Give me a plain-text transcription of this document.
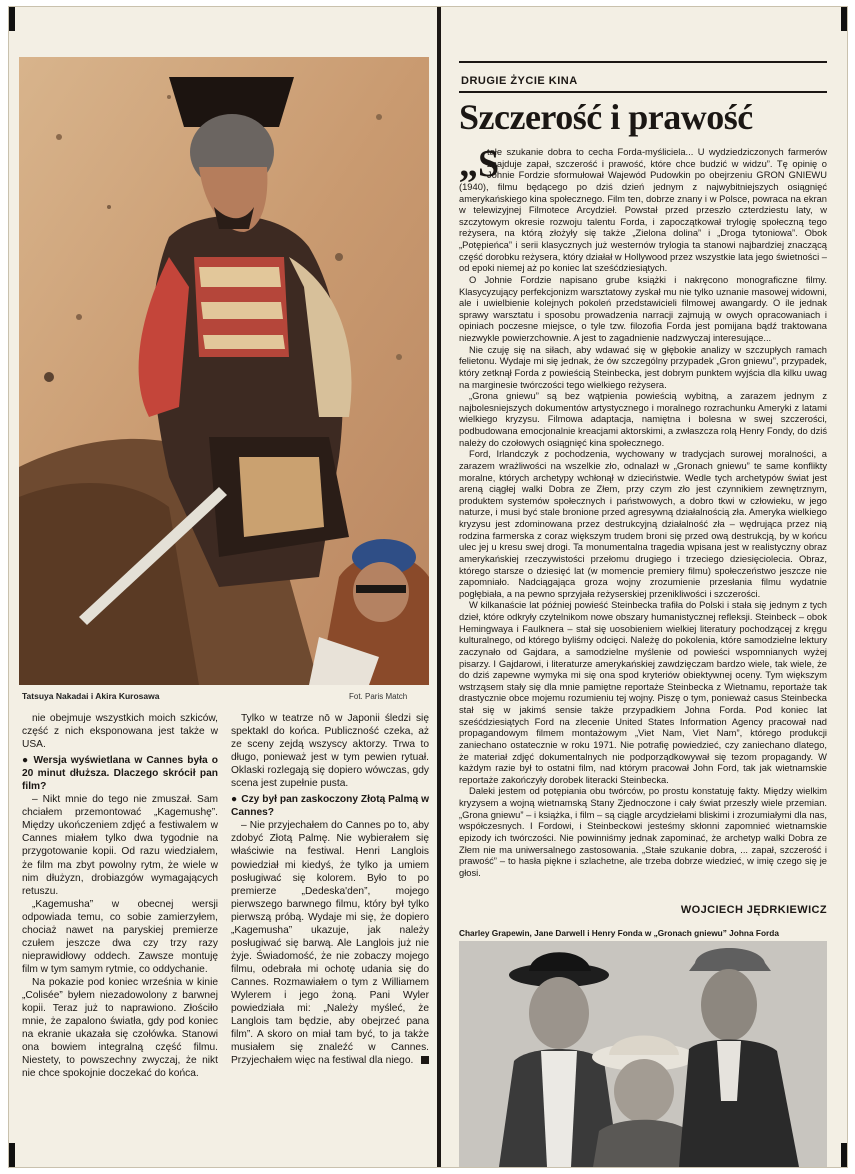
Tatsuya Nakadai i Akira Kurosawa	Fot. Paris Match

nie obejmuje wszystkich moich szkiców, część z nich eksponowana jest także w USA.

● Wersja wyświetlana w Cannes była o 20 minut dłuższa. Dlaczego skrócił pan film?

– Nikt mnie do tego nie zmuszał. Sam chciałem przemontować „Kagemushę”. Między ukończeniem zdjęć a festiwalem w Cannes miałem tylko dwa tygodnie na przygotowanie kopii. Od razu wiedziałem, że film ma zbyt powolny rytm, że wiele w nim dłużyzn, drobiazgów wymagających retuszu.

„Kagemusha” w obecnej wersji odpowiada temu, co sobie zamierzyłem, chociaż nawet na paryskiej premierze czułem jeszcze dwa czy trzy razy nieprawidłowy oddech. Zawsze montuję film w tym samym rytmie, co oddychanie.

Na pokazie pod koniec września w kinie „Colisée” byłem niezadowolony z barwnej kopii. Teraz już to naprawiono. Złościło mnie, że zapalono światła, gdy pod koniec na ekranie ukazała się czołówka. Stanowi ona bowiem integralną część filmu. Niestety, to powszechny zwyczaj, że nikt nie chce spokojnie doczekać do końca.

Tylko w teatrze nō w Japonii śledzi się spektakl do końca. Publiczność czeka, aż ze sceny zejdą wszyscy aktorzy. Trwa to długo, ponieważ jest w tym pewien rytuał. Oklaski rozlegają się dopiero wówczas, gdy scena jest zupełnie pusta.

● Czy był pan zaskoczony Złotą Palmą w Cannes?

– Nie przyjechałem do Cannes po to, aby zdobyć Złotą Palmę. Nie wybierałem się właściwie na festiwal. Henri Langlois powiedział mi kiedyś, że tylko ja umiem posługiwać się kolorem. Było to po premierze „Dedeska'den”, mojego pierwszego barwnego filmu, który był tylko pierwszą próbą. Wydaje mi się, że dopiero „Kagemusha” ukazuje, jak należy posługiwać się barwą. Ale Langlois już nie żyje. Świadomość, że nie zobaczy mojego filmu, odebrała mi ochotę udania się do Cannes. Rozmawiałem o tym z Williamem Wylerem i jego żoną. Pani Wyler powiedziała mi: „Należy myśleć, że Langlois tam będzie, aby obejrzeć pana film”. A skoro on miał tam być, to ja także musiałem się znaleźć w Cannes. Przyjechałem więc na festiwal dla niego.

DRUGIE ŻYCIE KINA
Szczerość i prawość

„S
tałe szukanie dobra to cecha Forda-myśliciela... U wydziedziczonych farmerów znajduje zapał, szczerość i prawość, które chce budzić w widzu”. Tę opinię o Johnie Fordzie sformułował Wajewód Pudowkin po obejrzeniu GRON GNIEWU (1940), filmu będącego po dziś dzień jednym z najwybitniejszych osiągnięć amerykańskiego kina społecznego. Film ten, dobrze znany i w Polsce, powraca na ekran w telewizyjnej Filmotece Arcydzieł. Powstał przed przeszło czterdziestu laty, w szczytowym okresie rozwoju talentu Forda, i zapoczątkował trylogię społeczną tego reżysera, na którą złożyły się także „Zielona dolina” i „Droga tytoniowa”. Obok „Potępieńca” i serii klasycznych już westernów trylogia ta stanowi najbardziej znaczącą część dorobku reżysera, który działał w Hollywood przez wszystkie lata jego świetności – od epoki niemej aż po koniec lat sześćdziesiątych.

O Johnie Fordzie napisano grube książki i nakręcono monograficzne filmy. Klasycyzujący perfekcjonizm warsztatowy zyskał mu nie tylko uznanie masowej widowni, ale i uwielbienie kolejnych pokoleń przedstawicieli filmowej awangardy. O ile jednak sprawy warsztatu i sposobu prowadzenia narracji zajmują w owych opracowaniach i opiniach poczesne miejsce, o tyle tzw. filozofia Forda jest pomijana bądź traktowana niezwykle powierzchownie. A jest to zagadnienie nadzwyczaj interesujące...

Nie czuję się na siłach, aby wdawać się w głębokie analizy w szczupłych ramach felietonu. Wydaje mi się jednak, że ów szczególny przypadek „Gron gniewu”, przypadek, który zetknął Forda z powieścią Steinbecka, jest dobrym punktem wyjścia dla kilku uwag na marginesie twórczości tego wielkiego reżysera.

„Grona gniewu” są bez wątpienia powieścią wybitną, a zarazem jednym z najbolesniejszych dokumentów artystycznego i moralnego rozrachunku Ameryki z latami wielkiego kryzysu. Filmowa adaptacja, namiętna i bolesna w swej szczerości, podbudowana emocjonalnie kreacjami aktorskimi, a zwłaszcza rolą Henry Fondy, do dziś należy do czołowych osiągnięć kina społecznego.

Ford, Irlandczyk z pochodzenia, wychowany w tradycjach surowej moralności, a zarazem wrażliwości na wszelkie zło, odnalazł w „Gronach gniewu” te same konflikty moralne, których archetypy wchłonął w dzieciństwie. Wedle tych archetypów świat jest areną ciągłej walki Dobra ze Złem, przy czym zło jest czynnikiem zewnętrznym, produktem systemów społecznych i państwowych, a dobro tkwi w człowieku, w jego naturze, i musi być stale bronione przed agresywną działalnością zła. Ameryka wielkiego kryzysu jest zdominowana przez destrukcyjną działalność zła – wędrująca przez nią rodzina farmerska z coraz większym trudem broni się przed ową destrukcją, by w końcu ulec jej u kresu swej drogi. Ta monumentalna tragedia wpisana jest w realistyczny obraz amerykańskiej rzeczywistości przełomu drugiego i trzeciego dziesięciolecia. Obraz, którego starsze o dziesięć lat (w momencie premiery filmu) społeczeństwo jeszcze nie zapomniało. Nadciągająca groza wojny zrozumienie przesłania filmu wydatnie pogłębiała, a na pewno sprzyjała reżyserskiej przenikliwości i szczerości.

W kilkanaście lat później powieść Steinbecka trafiła do Polski i stała się jednym z tych dzieł, które odkryły czytelnikom nowe obszary humanistycznej refleksji. Steinbeck – obok Hemingwaya i Faulknera – stał się uosobieniem wielkiej literatury pochodzącej z kręgu kulturalnego, od którego byliśmy odcięci. Należę do pokolenia, które samodzielne lektury zaczynało od Gajdara, a samodzielne myślenie od powieści wspomnianych wyżej pisarzy. I Gajdarowi, i literaturze amerykańskiej zawdzięczam bardzo wiele, tak wiele, że do dziś zapewne wymyka mi się ona spod kryteriów obiektywnej oceny. Tym większym wstrząsem stały się dla mnie pamiętne reportaże Steinbecka z Wietnamu, reportaże tak drastycznie obce mojemu rozumieniu tej wojny. Piszę o tym, ponieważ casus Steinbecka stał się w jakimś sensie także przypadkiem Johna Forda. Pod koniec lat sześćdziesiątych Ford na zlecenie United States Information Agency pracował nad propagandowym filmem montażowym „Viet Nam, Viet Nam”, którego produkcji zaniechano ostatecznie w roku 1971. Nie potrafię powiedzieć, czy zaniechano dlatego, że materiał zdjęć dokumentalnych nie podporządkowywał się tezom propagandy. W każdym razie był to ostatni film, nad którym pracował John Ford, tak jak wietnamskie reportaże zakończyły dorobek literacki Steinbecka.

Daleki jestem od potępiania obu twórców, po prostu konstatuję fakty. Między wielkim kryzysem a wojną wietnamską Stany Zjednoczone i cały świat przeszły wiele przemian. „Grona gniewu” – i książka, i film – są ciągle arcydziełami bliskimi i zrozumiałymi dla nas, współczesnych. I Fordowi, i Steinbeckowi jesteśmy skłonni zapomnieć wietnamskie epizody ich twórczości. Nie powinniśmy jednak zapominać, że archetyp walki Dobra ze Złem nie ma uniwersalnego zastosowania. „Stałe szukanie dobra, ... zapał, szczerość i prawość” – to hasła piękne i szlachetne, ale trzeba dobrze wiedzieć, w imię czego się je głosi.

WOJCIECH JĘDRKIEWICZ
Charley Grapewin, Jane Darwell i Henry Fonda w „Gronach gniewu” Johna Forda
